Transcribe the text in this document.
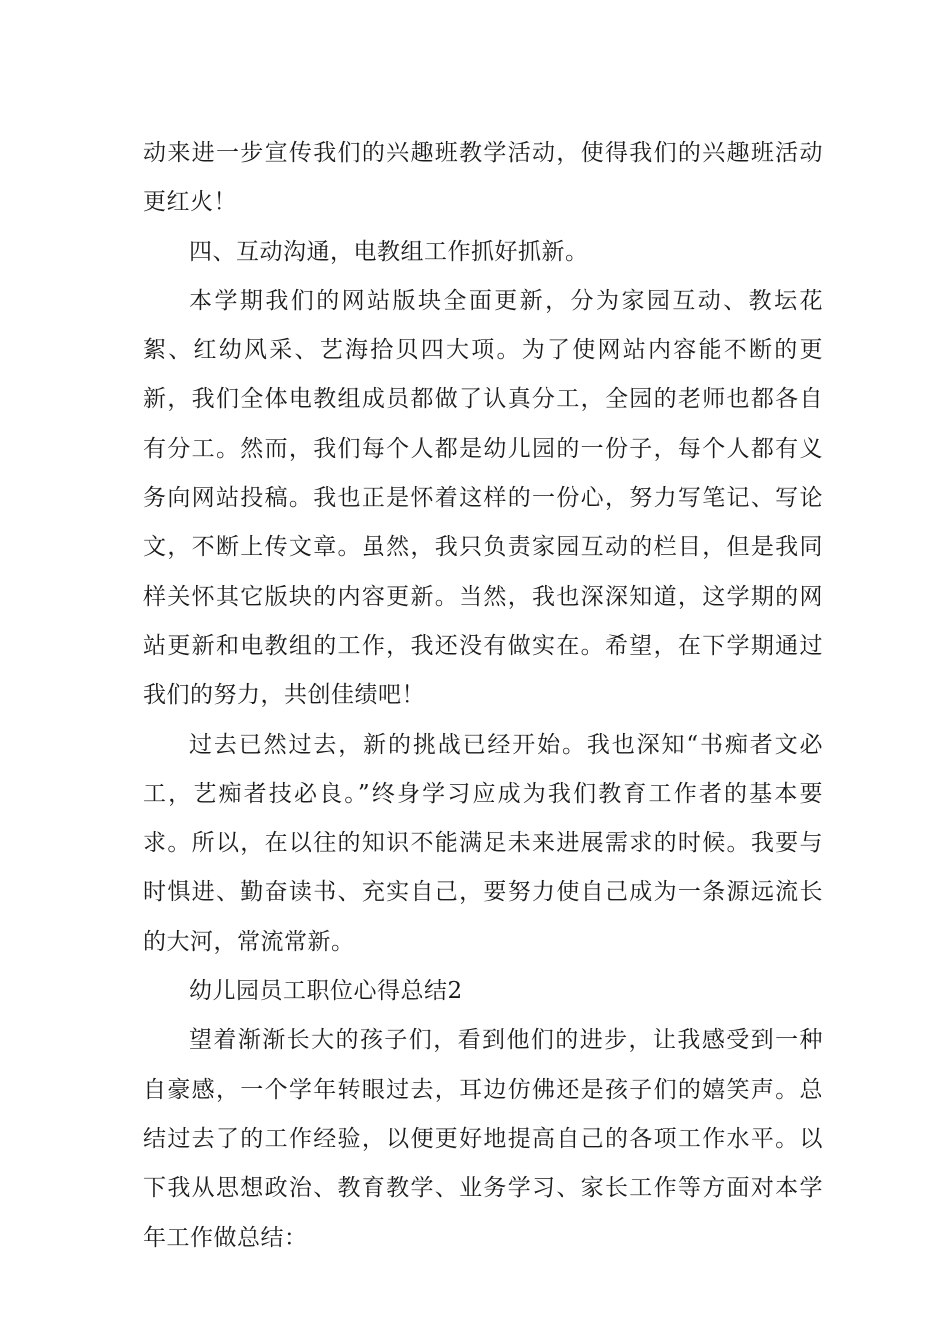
动来进一步宣传我们的兴趣班教学活动，使得我们的兴趣班活动更红火！

四、互动沟通，电教组工作抓好抓新。

本学期我们的网站版块全面更新，分为家园互动、教坛花絮、红幼风采、艺海拾贝四大项。为了使网站内容能不断的更新，我们全体电教组成员都做了认真分工，全园的老师也都各自有分工。然而，我们每个人都是幼儿园的一份子，每个人都有义务向网站投稿。我也正是怀着这样的一份心，努力写笔记、写论文，不断上传文章。虽然，我只负责家园互动的栏目，但是我同样关怀其它版块的内容更新。当然，我也深深知道，这学期的网站更新和电教组的工作，我还没有做实在。希望，在下学期通过我们的努力，共创佳绩吧！

过去已然过去，新的挑战已经开始。我也深知“书痴者文必工，艺痴者技必良。”终身学习应成为我们教育工作者的基本要求。所以，在以往的知识不能满足未来进展需求的时候。我要与时惧进、勤奋读书、充实自己，要努力使自己成为一条源远流长的大河，常流常新。

幼儿园员工职位心得总结2

望着渐渐长大的孩子们，看到他们的进步，让我感受到一种自豪感，一个学年转眼过去，耳边仿佛还是孩子们的嬉笑声。总结过去了的工作经验，以便更好地提高自己的各项工作水平。以下我从思想政治、教育教学、业务学习、家长工作等方面对本学年工作做总结：
